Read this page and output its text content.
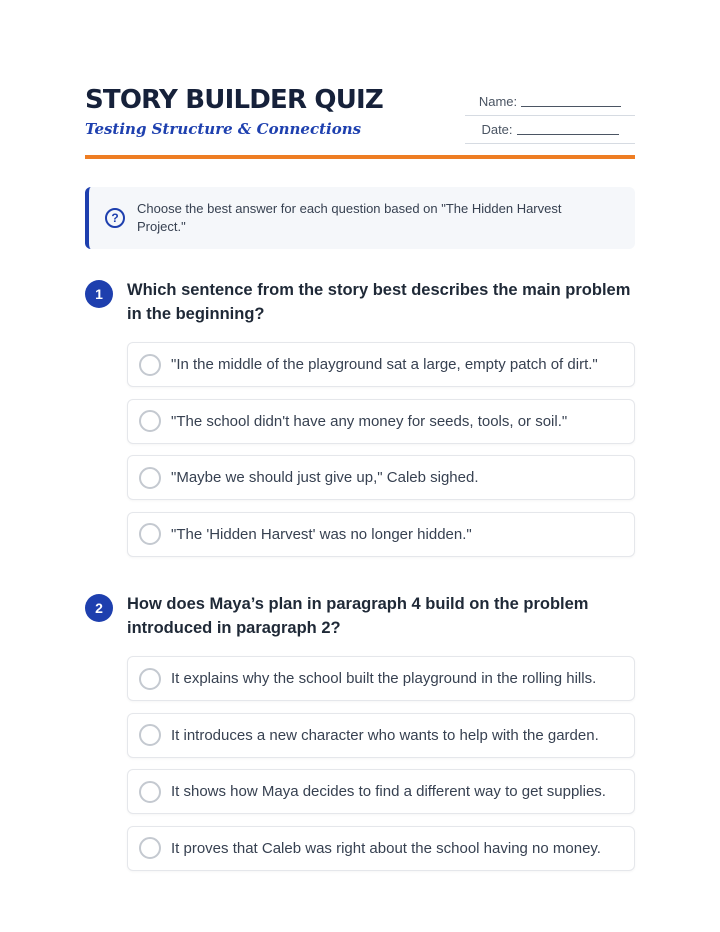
STORY BUILDER QUIZ
Testing Structure & Connections
Name:
Date:
?
Choose the best answer for each question based on "The Hidden Harvest Project."
1	Which sentence from the story best describes the main problem in the beginning?
"In the middle of the playground sat a large, empty patch of dirt."
"The school didn't have any money for seeds, tools, or soil."
"Maybe we should just give up," Caleb sighed.
"The 'Hidden Harvest' was no longer hidden."
2	How does Maya’s plan in paragraph 4 build on the problem introduced in paragraph 2?
It explains why the school built the playground in the rolling hills.
It introduces a new character who wants to help with the garden.
It shows how Maya decides to find a different way to get supplies.
It proves that Caleb was right about the school having no money.
